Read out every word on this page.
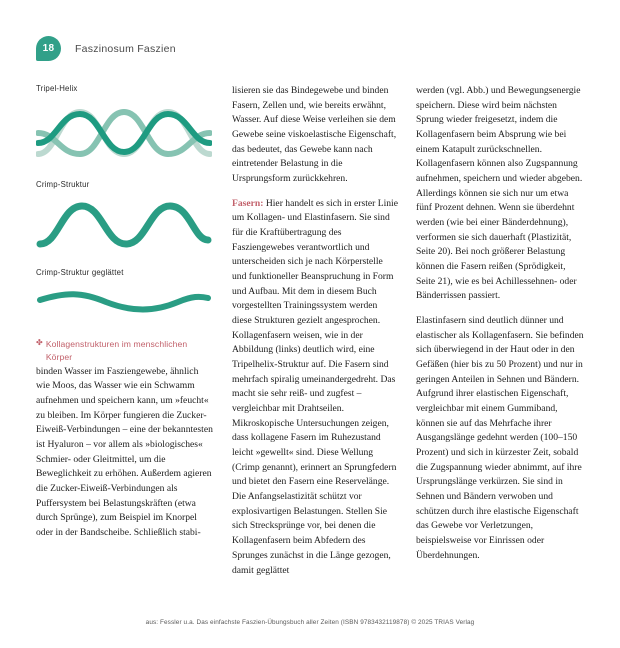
18	Faszinosum Faszien
Tripel-Helix
Crimp-Struktur
Crimp-Struktur geglättet
✤ Kollagenstrukturen im menschlichen Körper

binden Wasser im Fasziengewebe, ähnlich wie Moos, das Wasser wie ein Schwamm aufnehmen und speichern kann, um »feucht« zu bleiben. Im Körper fungieren die Zucker-Eiweiß-Verbindungen – eine der bekanntesten ist Hyaluron – vor allem als »biologisches« Schmier- oder Gleitmittel, um die Beweglichkeit zu erhöhen. Außerdem agieren die Zucker-Eiweiß-Verbindungen als Puffersystem bei Belastungskräften (etwa durch Sprünge), zum Beispiel im Knorpel oder in der Bandscheibe. Schließlich stabi-

lisieren sie das Bindegewebe und binden Fasern, Zellen und, wie bereits erwähnt, Wasser. Auf diese Weise verleihen sie dem Gewebe seine viskoelastische Eigenschaft, das bedeutet, das Gewebe kann nach eintretender Belastung in die Ursprungsform zurückkehren.

Fasern: Hier handelt es sich in erster Linie um Kollagen- und Elastinfasern. Sie sind für die Kraftübertragung des Fasziengewebes verantwortlich und unterscheiden sich je nach Körperstelle und funktioneller Beanspruchung in Form und Aufbau. Mit dem in diesem Buch vorgestellten Trainingssystem werden diese Strukturen gezielt angesprochen. Kollagenfasern weisen, wie in der Abbildung (links) deutlich wird, eine Tripelhelix-Struktur auf. Die Fasern sind mehrfach spiralig umeinandergedreht. Das macht sie sehr reiß- und zugfest – vergleichbar mit Drahtseilen. Mikroskopische Untersuchungen zeigen, dass kollagene Fasern im Ruhezustand leicht »gewellt« sind. Diese Wellung (Crimp genannt), erinnert an Sprungfedern und bietet den Fasern eine Reservelänge. Die Anfangselastizität schützt vor explosivartigen Belastungen. Stellen Sie sich Strecksprünge vor, bei denen die Kollagenfasern beim Abfedern des Sprunges zunächst in die Länge gezogen, damit geglättet

werden (vgl. Abb.) und Bewegungsenergie speichern. Diese wird beim nächsten Sprung wieder freigesetzt, indem die Kollagenfasern beim Absprung wie bei einem Katapult zurückschnellen. Kollagenfasern können also Zugspannung aufnehmen, speichern und wieder abgeben. Allerdings können sie sich nur um etwa fünf Prozent dehnen. Wenn sie überdehnt werden (wie bei einer Bänderdehnung), verformen sie sich dauerhaft (Plastizität, Seite 20). Bei noch größerer Belastung können die Fasern reißen (Sprödigkeit, Seite 21), wie es bei Achillessehnen- oder Bänderrissen passiert.

Elastinfasern sind deutlich dünner und elastischer als Kollagenfasern. Sie befinden sich überwiegend in der Haut oder in den Gefäßen (hier bis zu 50 Prozent) und nur in geringen Anteilen in Sehnen und Bändern. Aufgrund ihrer elastischen Eigenschaft, vergleichbar mit einem Gummiband, können sie auf das Mehrfache ihrer Ausgangslänge gedehnt werden (100–150 Prozent) und sich in kürzester Zeit, sobald die Zugspannung wieder abnimmt, auf ihre Ursprungslänge verkürzen. Sie sind in Sehnen und Bändern verwoben und schützen durch ihre elastische Eigenschaft das Gewebe vor Verletzungen, beispielsweise vor Einrissen oder Überdehnungen.

aus: Fessler u.a. Das einfachste Faszien-Übungsbuch aller Zeiten (ISBN 9783432119878) © 2025 TRIAS Verlag
